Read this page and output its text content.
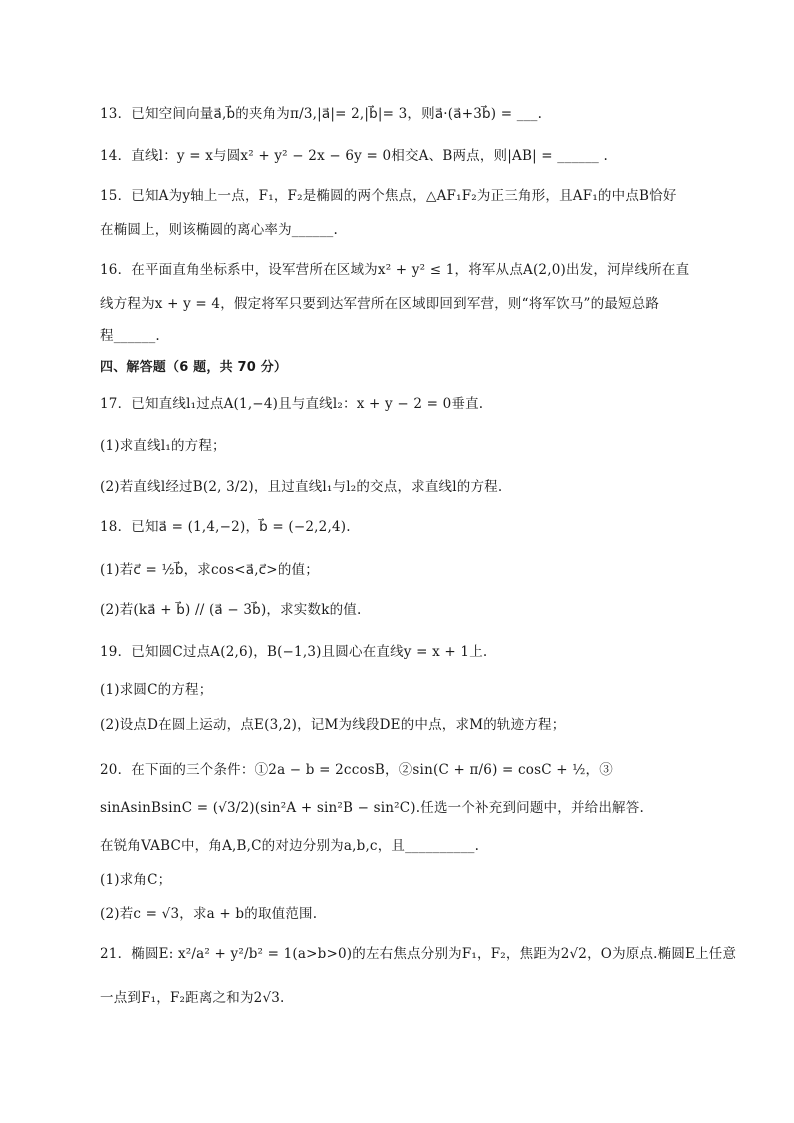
13．已知空间向量a⃗,b⃗的夹角为π/3,|a⃗|= 2,|b⃗|= 3，则a⃗·(a⃗+3b⃗) = ___.
14．直线l：y = x与圆x² + y² − 2x − 6y = 0相交A、B两点，则|AB| = ______ .
15．已知A为y轴上一点，F₁，F₂是椭圆的两个焦点，△AF₁F₂为正三角形，且AF₁的中点B恰好
在椭圆上，则该椭圆的离心率为______.
16．在平面直角坐标系中，设军营所在区域为x² + y² ≤ 1，将军从点A(2,0)出发，河岸线所在直
线方程为x + y = 4，假定将军只要到达军营所在区域即回到军营，则“将军饮马”的最短总路
程______.
四、解答题（6 题，共 70 分）
17．已知直线l₁过点A(1,−4)且与直线l₂：x + y − 2 = 0垂直.
(1)求直线l₁的方程；
(2)若直线l经过B(2, 3/2)，且过直线l₁与l₂的交点，求直线l的方程.
18．已知a⃗ = (1,4,−2)，b⃗ = (−2,2,4).
(1)若c⃗ = ½b⃗，求cos<a⃗,c⃗>的值；
(2)若(ka⃗ + b⃗) // (a⃗ − 3b⃗)，求实数k的值.
19．已知圆C过点A(2,6)，B(−1,3)且圆心在直线y = x + 1上.
(1)求圆C的方程；
(2)设点D在圆上运动，点E(3,2)，记M为线段DE的中点，求M的轨迹方程；
20．在下面的三个条件：①2a − b = 2ccosB，②sin(C + π/6) = cosC + ½，③
sinAsinBsinC = (√3/2)(sin²A + sin²B − sin²C).任选一个补充到问题中，并给出解答.
在锐角VABC中，角A,B,C的对边分别为a,b,c，且__________.
(1)求角C；
(2)若c = √3，求a + b的取值范围.
21．椭圆E: x²/a² + y²/b² = 1(a>b>0)的左右焦点分别为F₁，F₂，焦距为2√2，O为原点.椭圆E上任意
一点到F₁，F₂距离之和为2√3.
